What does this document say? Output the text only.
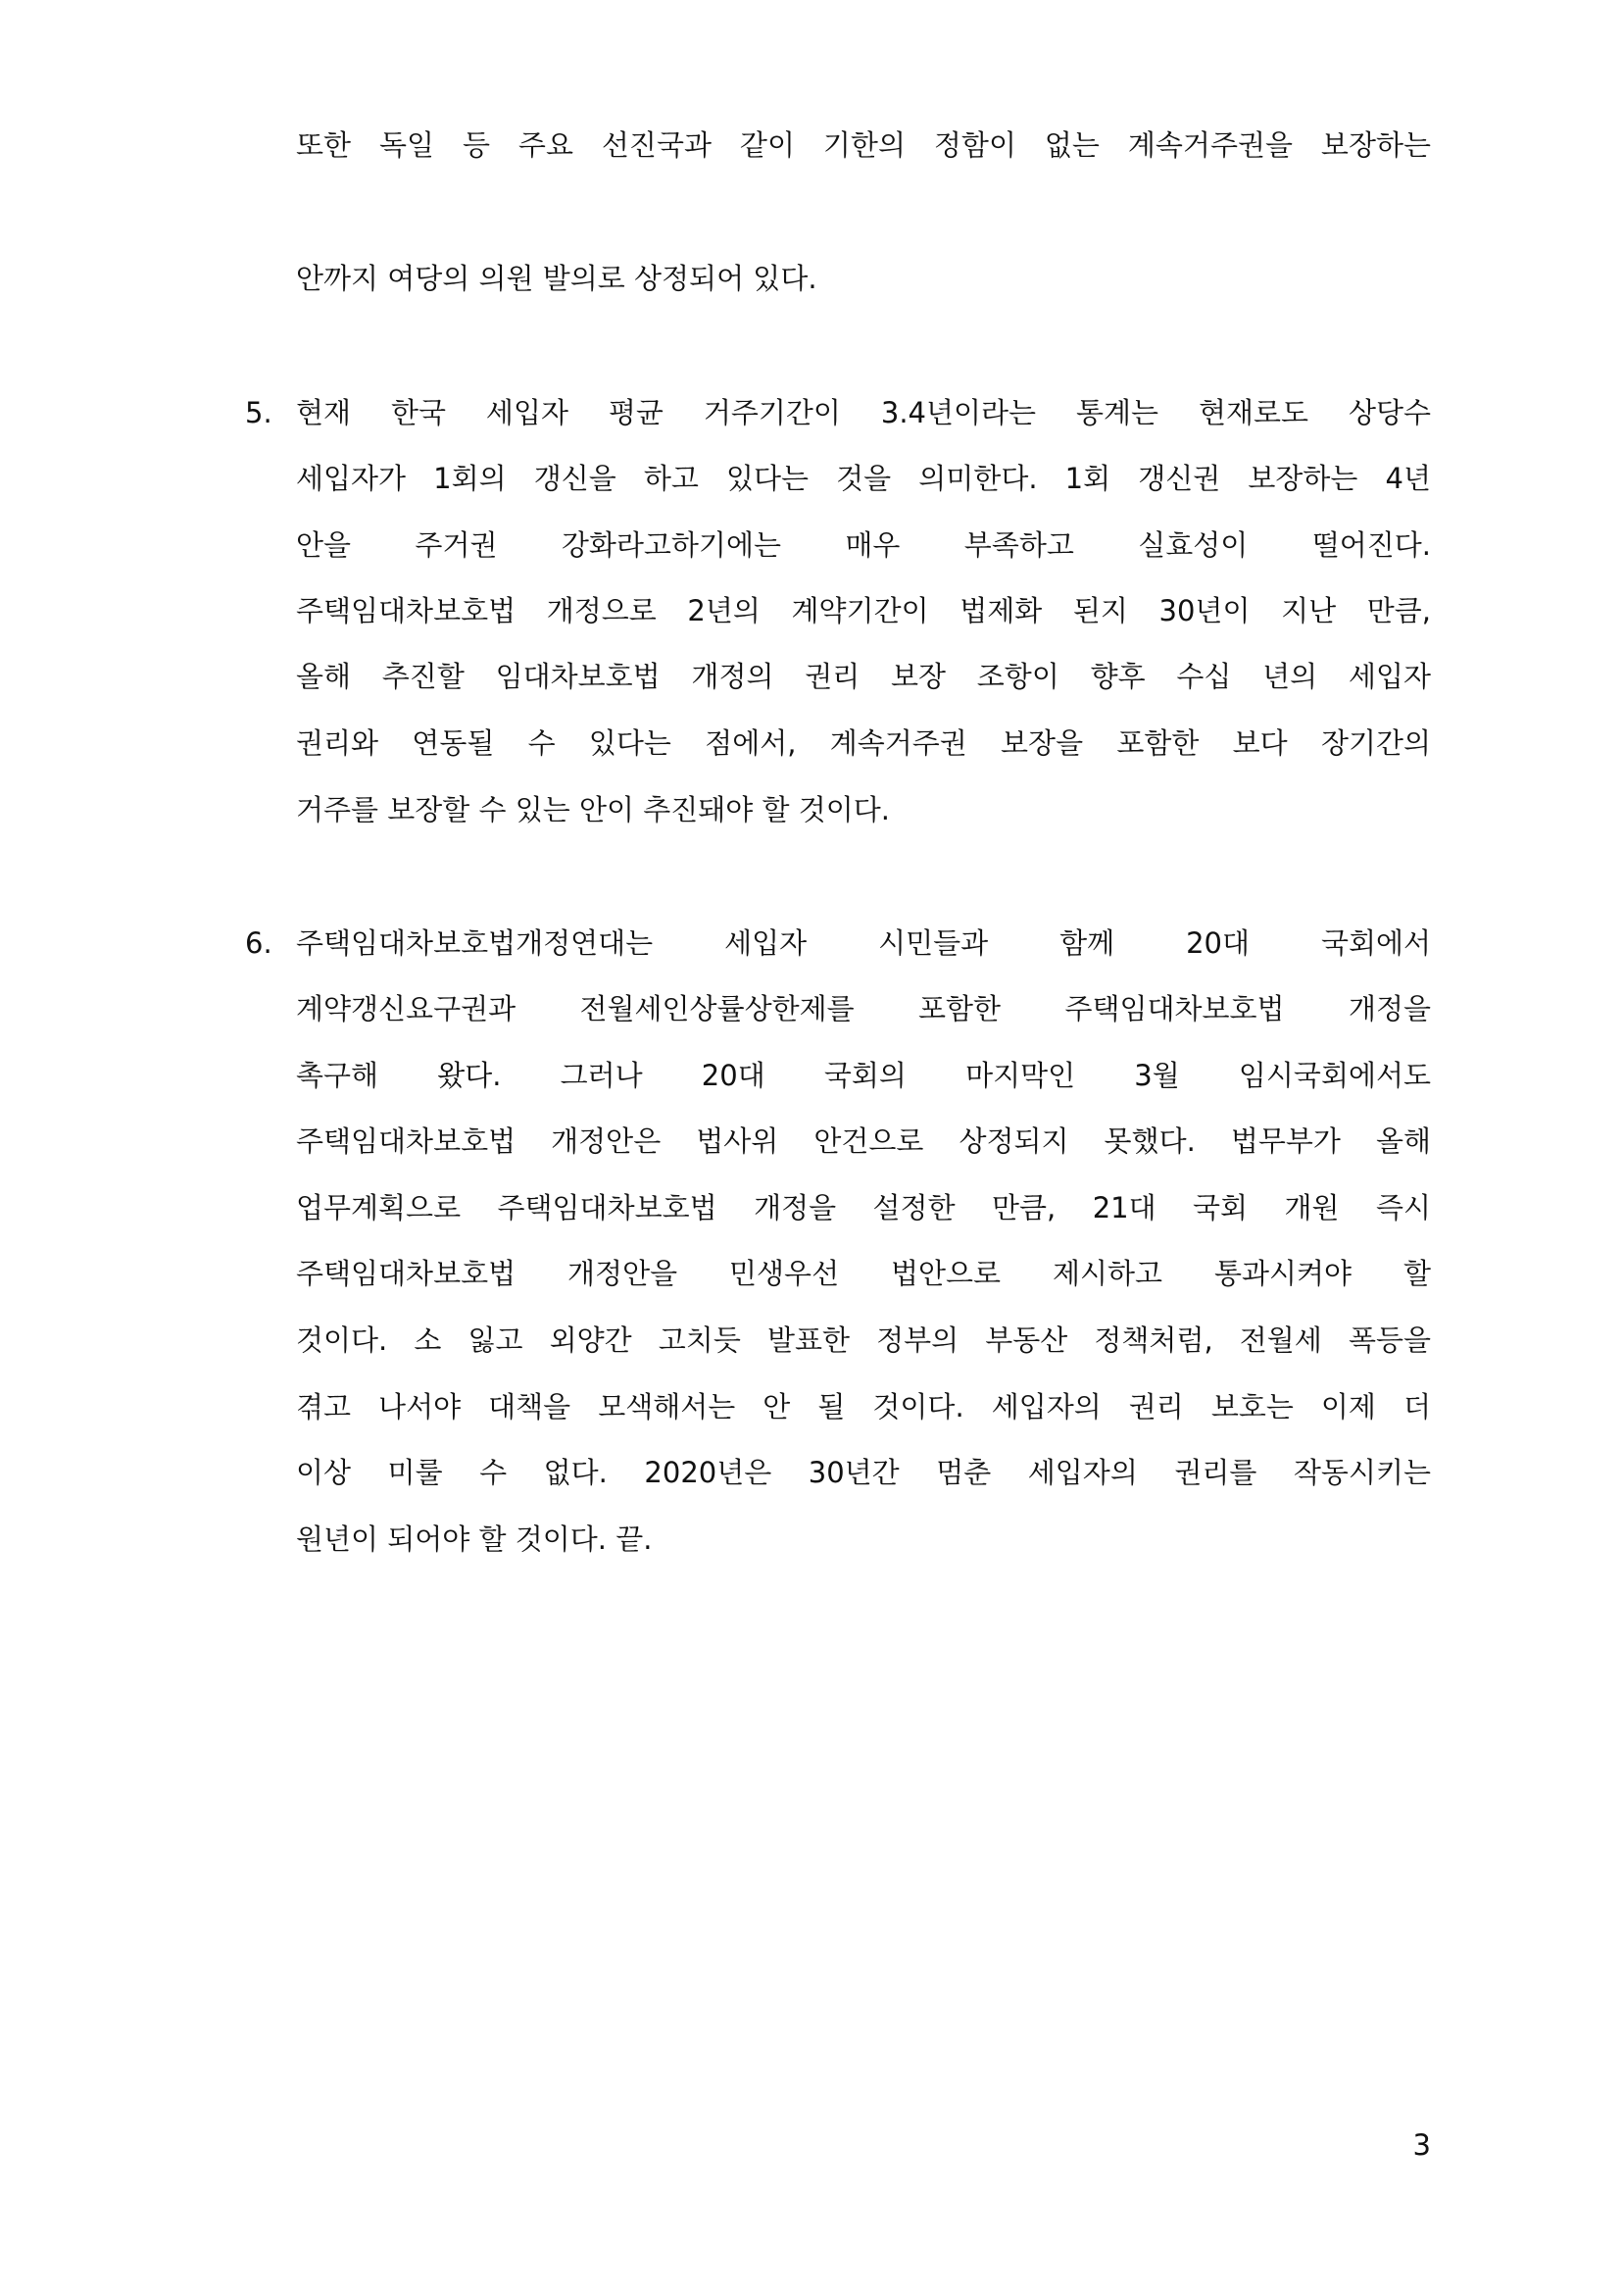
또한 독일 등 주요 선진국과 같이 기한의 정함이 없는 계속거주권을 보장하는
안까지 여당의 의원 발의로 상정되어 있다.
5. 현재 한국 세입자 평균 거주기간이 3.4년이라는 통계는 현재로도 상당수
세입자가 1회의 갱신을 하고 있다는 것을 의미한다. 1회 갱신권 보장하는 4년
안을 주거권 강화라고하기에는 매우 부족하고 실효성이 떨어진다.
주택임대차보호법 개정으로 2년의 계약기간이 법제화 된지 30년이 지난 만큼,
올해 추진할 임대차보호법 개정의 권리 보장 조항이 향후 수십 년의 세입자
권리와 연동될 수 있다는 점에서, 계속거주권 보장을 포함한 보다 장기간의
거주를 보장할 수 있는 안이 추진돼야 할 것이다.
6. 주택임대차보호법개정연대는 세입자 시민들과 함께 20대 국회에서
계약갱신요구권과 전월세인상률상한제를 포함한 주택임대차보호법 개정을
촉구해 왔다. 그러나 20대 국회의 마지막인 3월 임시국회에서도
주택임대차보호법 개정안은 법사위 안건으로 상정되지 못했다. 법무부가 올해
업무계획으로 주택임대차보호법 개정을 설정한 만큼, 21대 국회 개원 즉시
주택임대차보호법 개정안을 민생우선 법안으로 제시하고 통과시켜야 할
것이다. 소 잃고 외양간 고치듯 발표한 정부의 부동산 정책처럼, 전월세 폭등을
겪고 나서야 대책을 모색해서는 안 될 것이다. 세입자의 권리 보호는 이제 더
이상 미룰 수 없다. 2020년은 30년간 멈춘 세입자의 권리를 작동시키는
원년이 되어야 할 것이다. 끝.
3
